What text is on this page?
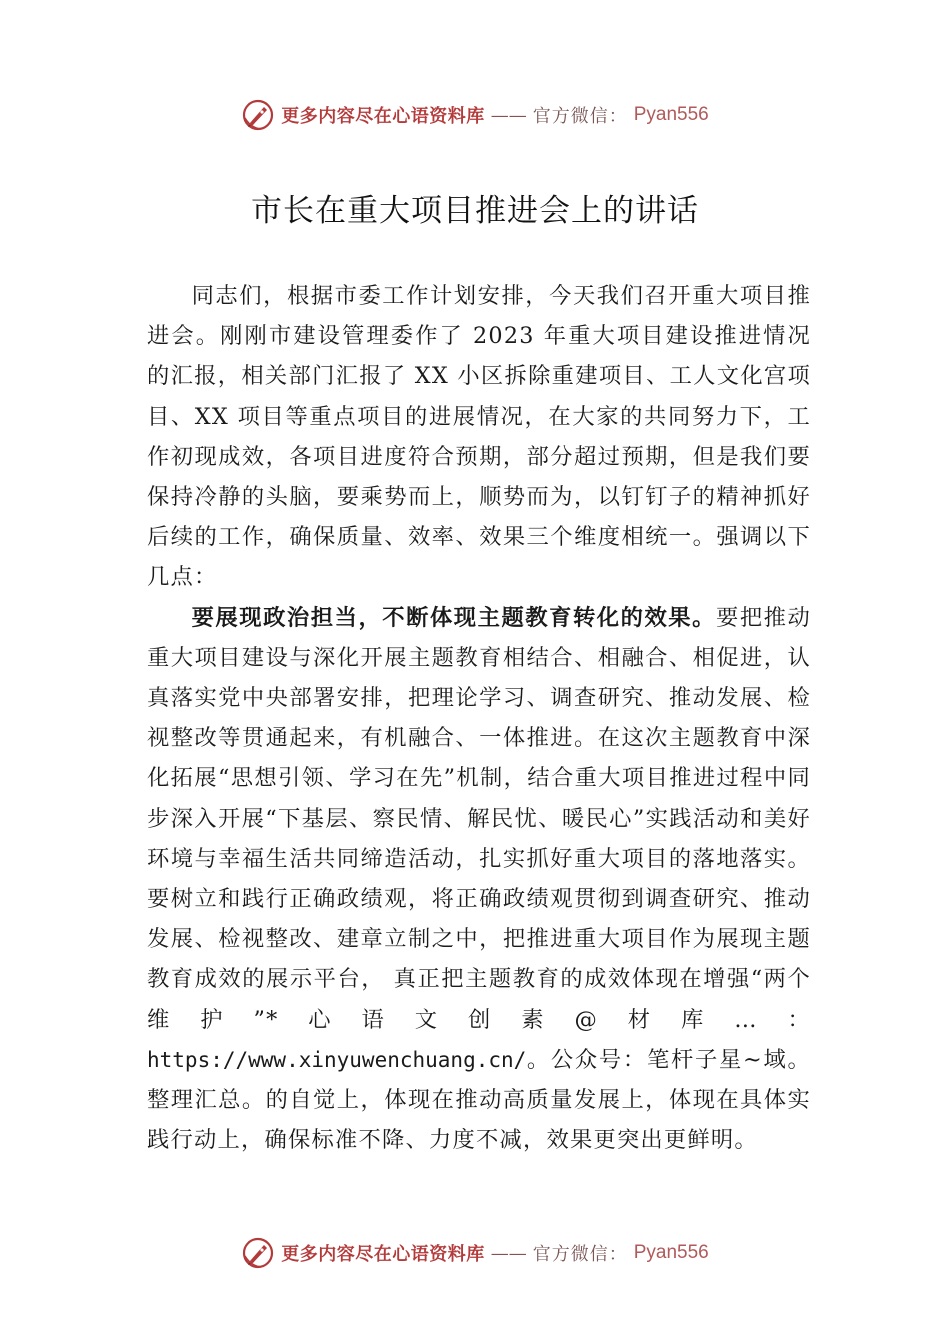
更多内容尽在心语资料库 —— 官方微信： Pyan556
市长在重大项目推进会上的讲话

同志们，根据市委工作计划安排，今天我们召开重大项目推进会。刚刚市建设管理委作了 2023 年重大项目建设推进情况的汇报，相关部门汇报了 XX 小区拆除重建项目、工人文化宫项目、XX 项目等重点项目的进展情况，在大家的共同努力下，工作初现成效，各项目进度符合预期，部分超过预期，但是我们要保持冷静的头脑，要乘势而上，顺势而为，以钉钉子的精神抓好后续的工作，确保质量、效率、效果三个维度相统一。强调以下几点：

要展现政治担当，不断体现主题教育转化的效果。要把推动重大项目建设与深化开展主题教育相结合、相融合、相促进，认真落实党中央部署安排，把理论学习、调查研究、推动发展、检视整改等贯通起来，有机融合、一体推进。在这次主题教育中深化拓展“思想引领、学习在先”机制，结合重大项目推进过程中同步深入开展“下基层、察民情、解民忧、暖民心”实践活动和美好环境与幸福生活共同缔造活动，扎实抓好重大项目的落地落实。要树立和践行正确政绩观，将正确政绩观贯彻到调查研究、推动发展、检视整改、建章立制之中，把推进重大项目作为展现主题教育成效的展示平台， 真正把主题教育的成效体现在增强“两个维护”*心语文创素@材库…：https://www.xinyuwenchuang.cn/。公众号：笔杆子星~域。整理汇总。的自觉上，体现在推动高质量发展上，体现在具体实践行动上，确保标准不降、力度不减，效果更突出更鲜明。

更多内容尽在心语资料库 —— 官方微信： Pyan556
